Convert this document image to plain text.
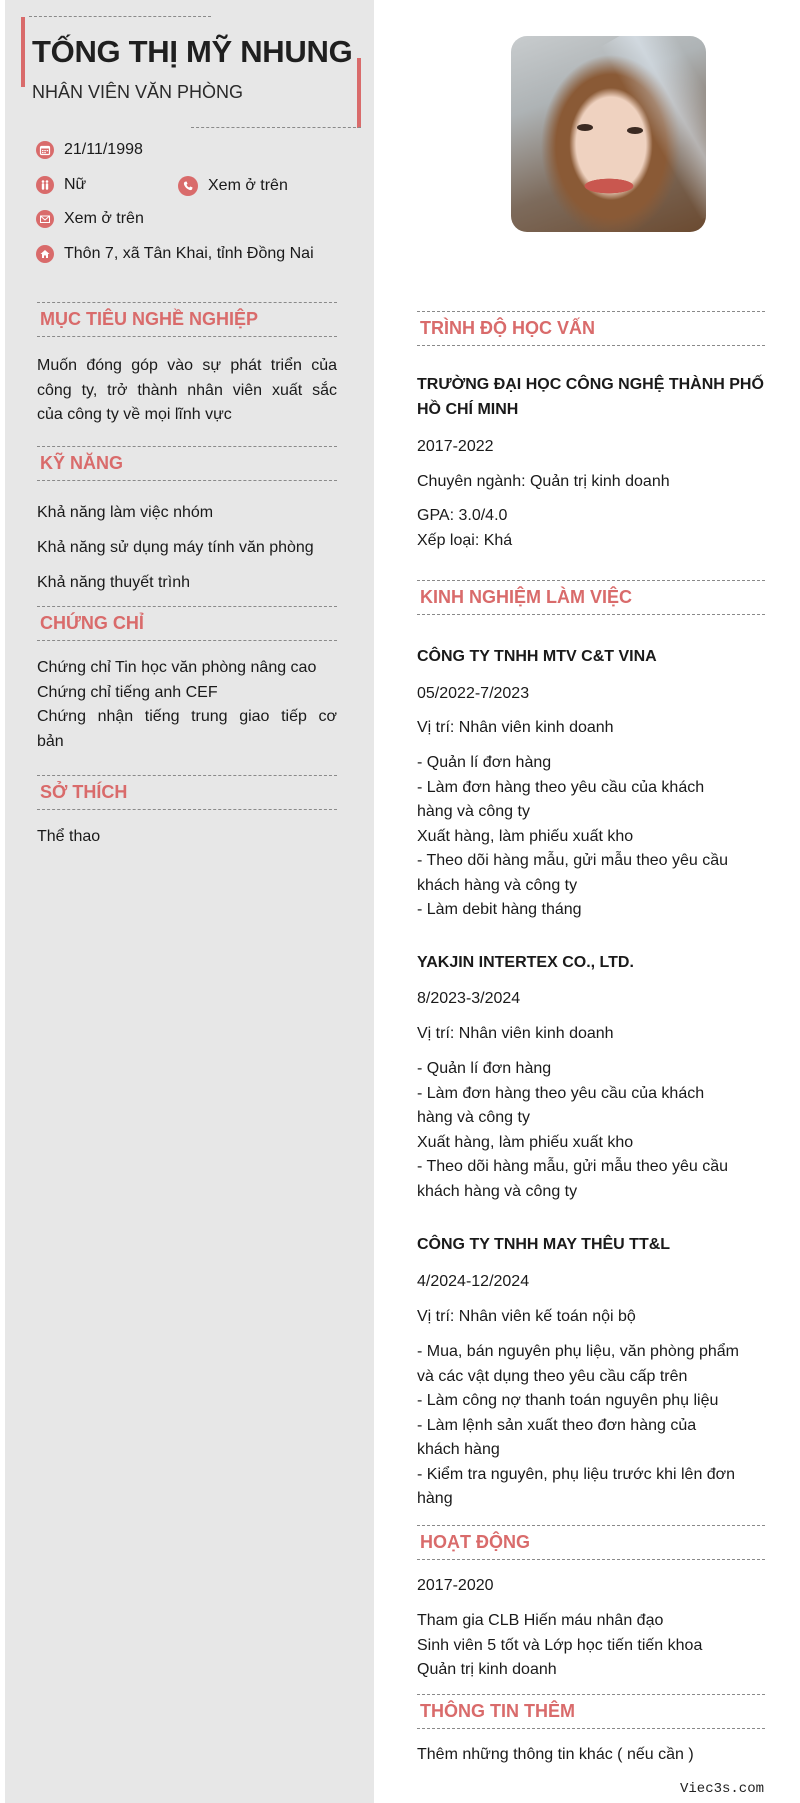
TỐNG THỊ MỸ NHUNG
NHÂN VIÊN VĂN PHÒNG
21/11/1998
Nữ	Xem ở trên
Xem ở trên
Thôn 7, xã Tân Khai, tỉnh Đồng Nai
MỤC TIÊU NGHỀ NGHIỆP
Muốn đóng góp vào sự phát triển của
công ty, trở thành nhân viên xuất sắc
của công ty về mọi lĩnh vực
KỸ NĂNG
Khả năng làm việc nhóm
Khả năng sử dụng máy tính văn phòng
Khả năng thuyết trình
CHỨNG CHỈ
Chứng chỉ Tin học văn phòng nâng cao
Chứng chỉ tiếng anh CEF
Chứng nhận tiếng trung giao tiếp cơ
bản
SỞ THÍCH
Thể thao
TRÌNH ĐỘ HỌC VẤN
TRƯỜNG ĐẠI HỌC CÔNG NGHỆ THÀNH PHỐ
HỒ CHÍ MINH
2017-2022
Chuyên ngành: Quản trị kinh doanh
GPA: 3.0/4.0
Xếp loại: Khá
KINH NGHIỆM LÀM VIỆC
CÔNG TY TNHH MTV C&T VINA
05/2022-7/2023
Vị trí: Nhân viên kinh doanh
- Quản lí đơn hàng
- Làm đơn hàng theo yêu cầu của khách
hàng và công ty
Xuất hàng, làm phiếu xuất kho
- Theo dõi hàng mẫu, gửi mẫu theo yêu cầu
khách hàng và công ty
- Làm debit hàng tháng
YAKJIN INTERTEX CO., LTD.
8/2023-3/2024
Vị trí: Nhân viên kinh doanh
- Quản lí đơn hàng
- Làm đơn hàng theo yêu cầu của khách
hàng và công ty
Xuất hàng, làm phiếu xuất kho
- Theo dõi hàng mẫu, gửi mẫu theo yêu cầu
khách hàng và công ty
CÔNG TY TNHH MAY THÊU TT&L
4/2024-12/2024
Vị trí: Nhân viên kế toán nội bộ
- Mua, bán nguyên phụ liệu, văn phòng phẩm
và các vật dụng theo yêu cầu cấp trên
- Làm công nợ thanh toán nguyên phụ liệu
- Làm lệnh sản xuất theo đơn hàng của
khách hàng
- Kiểm tra nguyên, phụ liệu trước khi lên đơn
hàng
HOẠT ĐỘNG
2017-2020
Tham gia CLB Hiến máu nhân đạo
Sinh viên 5 tốt và Lớp học tiến tiến khoa
Quản trị kinh doanh
THÔNG TIN THÊM
Thêm những thông tin khác ( nếu cần )
Viec3s.com
